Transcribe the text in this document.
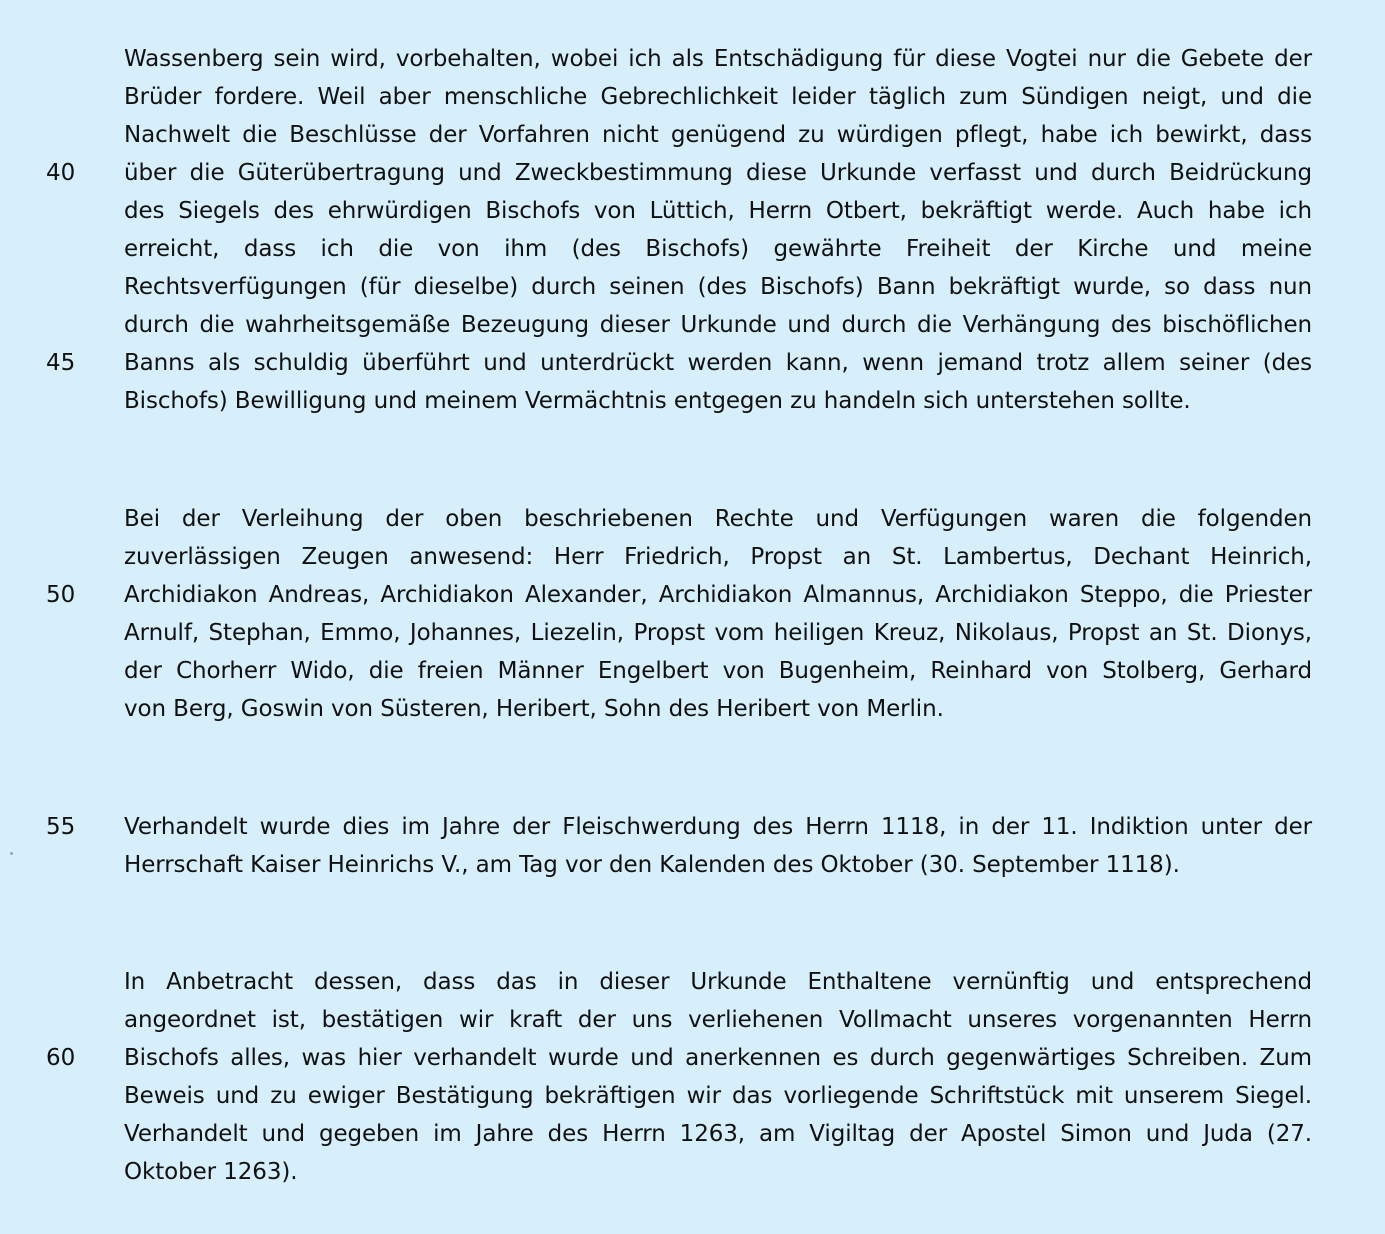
40
45
50
55
60
Wassenberg sein wird, vorbehalten, wobei ich als Entschädigung für diese Vogtei nur die Gebete der
Brüder fordere. Weil aber menschliche Gebrechlichkeit leider täglich zum Sündigen neigt, und die
Nachwelt die Beschlüsse der Vorfahren nicht genügend zu würdigen pflegt, habe ich bewirkt, dass
über die Güterübertragung und Zweckbestimmung diese Urkunde verfasst und durch Beidrückung
des Siegels des ehrwürdigen Bischofs von Lüttich, Herrn Otbert, bekräftigt werde. Auch habe ich
erreicht, dass ich die von ihm (des Bischofs) gewährte Freiheit der Kirche und meine
Rechtsverfügungen (für dieselbe) durch seinen (des Bischofs) Bann bekräftigt wurde, so dass nun
durch die wahrheitsgemäße Bezeugung dieser Urkunde und durch die Verhängung des bischöflichen
Banns als schuldig überführt und unterdrückt werden kann, wenn jemand trotz allem seiner (des
Bischofs) Bewilligung und meinem Vermächtnis entgegen zu handeln sich unterstehen sollte.
Bei der Verleihung der oben beschriebenen Rechte und Verfügungen waren die folgenden
zuverlässigen Zeugen anwesend: Herr Friedrich, Propst an St. Lambertus, Dechant Heinrich,
Archidiakon Andreas, Archidiakon Alexander, Archidiakon Almannus, Archidiakon Steppo, die Priester
Arnulf, Stephan, Emmo, Johannes, Liezelin, Propst vom heiligen Kreuz, Nikolaus, Propst an St. Dionys,
der Chorherr Wido, die freien Männer Engelbert von Bugenheim, Reinhard von Stolberg, Gerhard
von Berg, Goswin von Süsteren, Heribert, Sohn des Heribert von Merlin.
Verhandelt wurde dies im Jahre der Fleischwerdung des Herrn 1118, in der 11. Indiktion unter der
Herrschaft Kaiser Heinrichs V., am Tag vor den Kalenden des Oktober (30. September 1118).
In Anbetracht dessen, dass das in dieser Urkunde Enthaltene vernünftig und entsprechend
angeordnet ist, bestätigen wir kraft der uns verliehenen Vollmacht unseres vorgenannten Herrn
Bischofs alles, was hier verhandelt wurde und anerkennen es durch gegenwärtiges Schreiben. Zum
Beweis und zu ewiger Bestätigung bekräftigen wir das vorliegende Schriftstück mit unserem Siegel.
Verhandelt und gegeben im Jahre des Herrn 1263, am Vigiltag der Apostel Simon und Juda (27.
Oktober 1263).
